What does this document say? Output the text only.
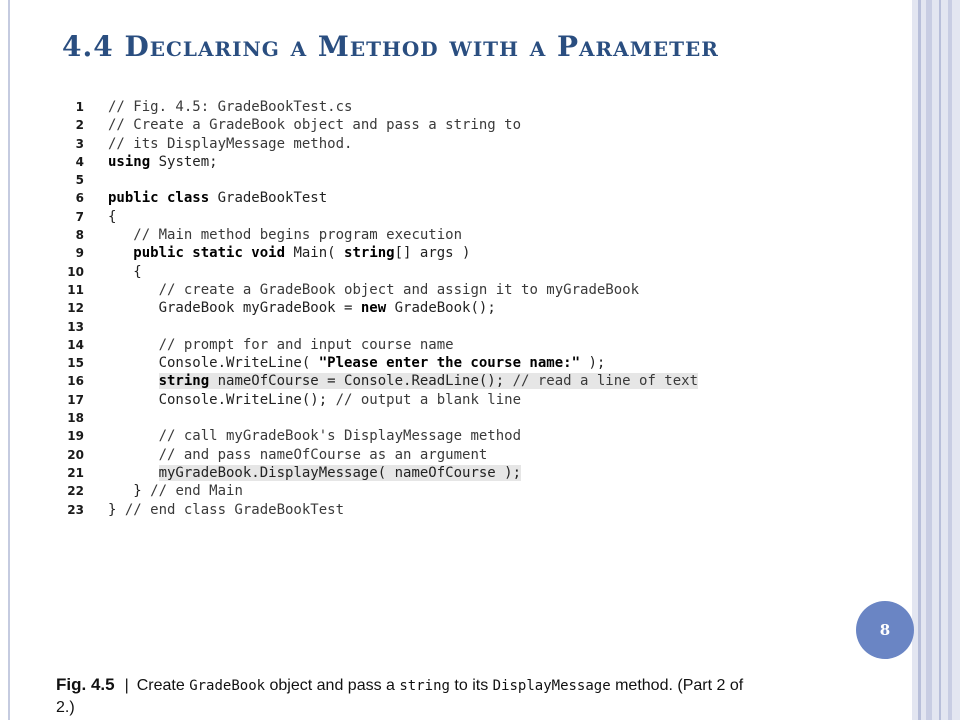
4.4 Declaring a Method with a Parameter
1 // Fig. 4.5: GradeBookTest.cs
2 // Create a GradeBook object and pass a string to
3 // its DisplayMessage method.
4 using System;
5
6 public class GradeBookTest
7 {
8	// Main method begins program execution
9	public static void Main( string[] args )
10 {
11	// create a GradeBook object and assign it to myGradeBook
12 GradeBook myGradeBook = new GradeBook();
13
14	// prompt for and input course name
15 Console.WriteLine( "Please enter the course name:" );
16	string nameOfCourse = Console.ReadLine(); // read a line of text
17 Console.WriteLine(); // output a blank line
18
19	// call myGradeBook's DisplayMessage method
20	// and pass nameOfCourse as an argument
21	myGradeBook.DisplayMessage( nameOfCourse );
22 } // end Main
23 } // end class GradeBookTest
8
Fig. 4.5 | Create GradeBook object and pass a string to its DisplayMessage method. (Part 2 of 2.)
